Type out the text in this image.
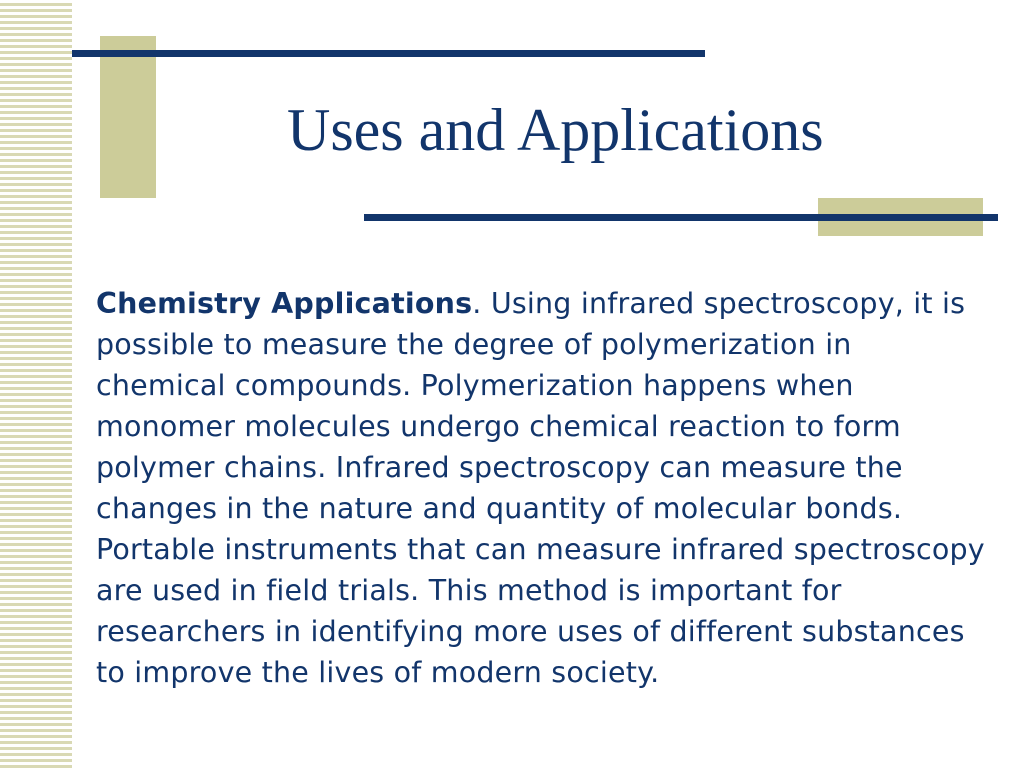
Uses and Applications
Chemistry Applications. Using infrared spectroscopy, it is possible to measure the degree of polymerization in chemical compounds. Polymerization happens when monomer molecules undergo chemical reaction to form polymer chains. Infrared spectroscopy can measure the changes in the nature and quantity of molecular bonds. Portable instruments that can measure infrared spectroscopy are used in field trials. This method is important for researchers in identifying more uses of different substances to improve the lives of modern society.
